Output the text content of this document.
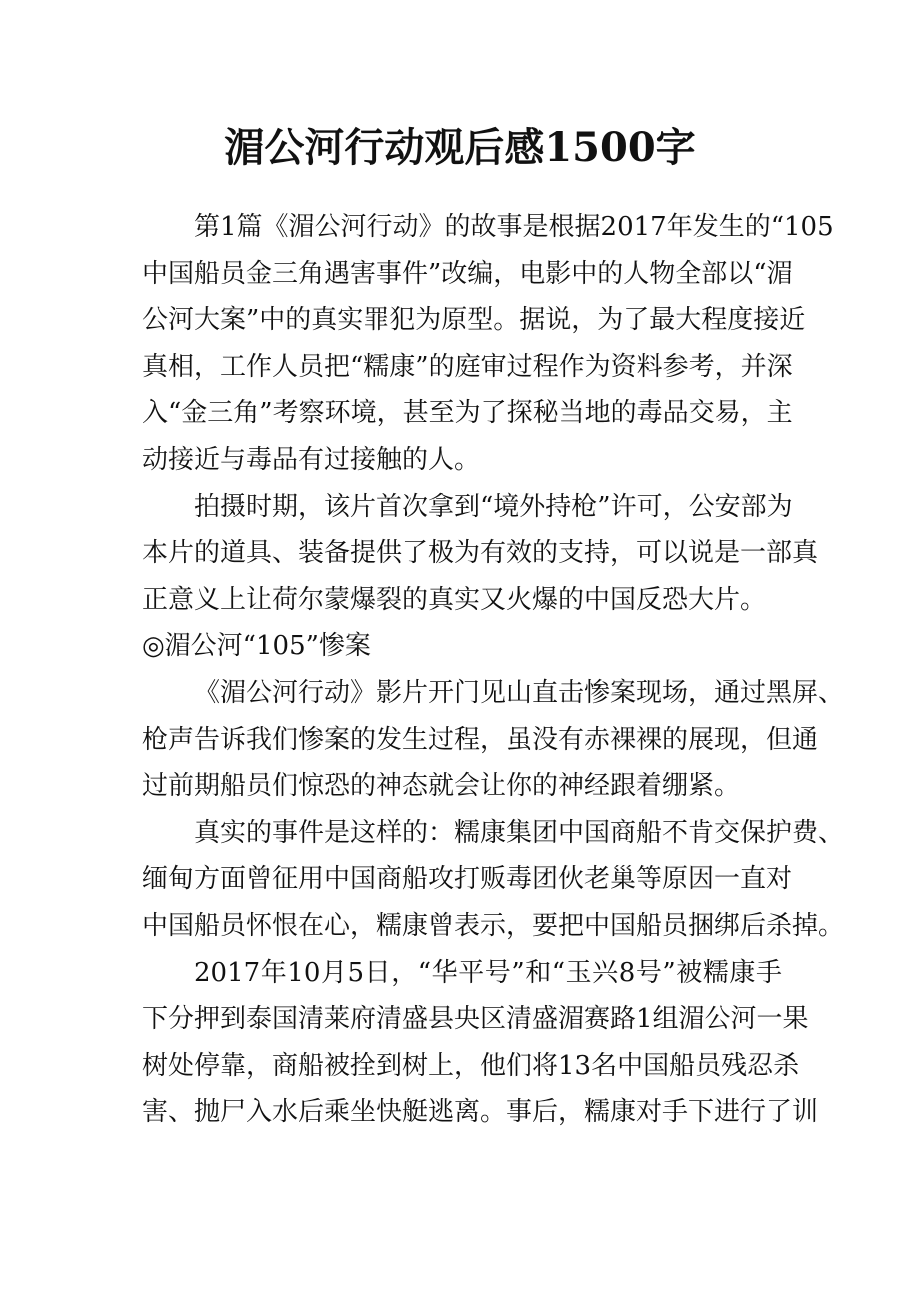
湄公河行动观后感1500字
第1篇《湄公河行动》的故事是根据2017年发生的“105
中国船员金三角遇害事件”改编，电影中的人物全部以“湄
公河大案”中的真实罪犯为原型。据说，为了最大程度接近
真相，工作人员把“糯康”的庭审过程作为资料参考，并深
入“金三角”考察环境，甚至为了探秘当地的毒品交易，主
动接近与毒品有过接触的人。
拍摄时期，该片首次拿到“境外持枪”许可，公安部为
本片的道具、装备提供了极为有效的支持，可以说是一部真
正意义上让荷尔蒙爆裂的真实又火爆的中国反恐大片。
◎湄公河“105”惨案
《湄公河行动》影片开门见山直击惨案现场，通过黑屏、
枪声告诉我们惨案的发生过程，虽没有赤裸裸的展现，但通
过前期船员们惊恐的神态就会让你的神经跟着绷紧。
真实的事件是这样的：糯康集团中国商船不肯交保护费、
缅甸方面曾征用中国商船攻打贩毒团伙老巢等原因一直对
中国船员怀恨在心，糯康曾表示，要把中国船员捆绑后杀掉。
2017年10月5日，“华平号”和“玉兴8号”被糯康手
下分押到泰国清莱府清盛县央区清盛湄赛路1组湄公河一果
树处停靠，商船被拴到树上，他们将13名中国船员残忍杀
害、抛尸入水后乘坐快艇逃离。事后，糯康对手下进行了训
